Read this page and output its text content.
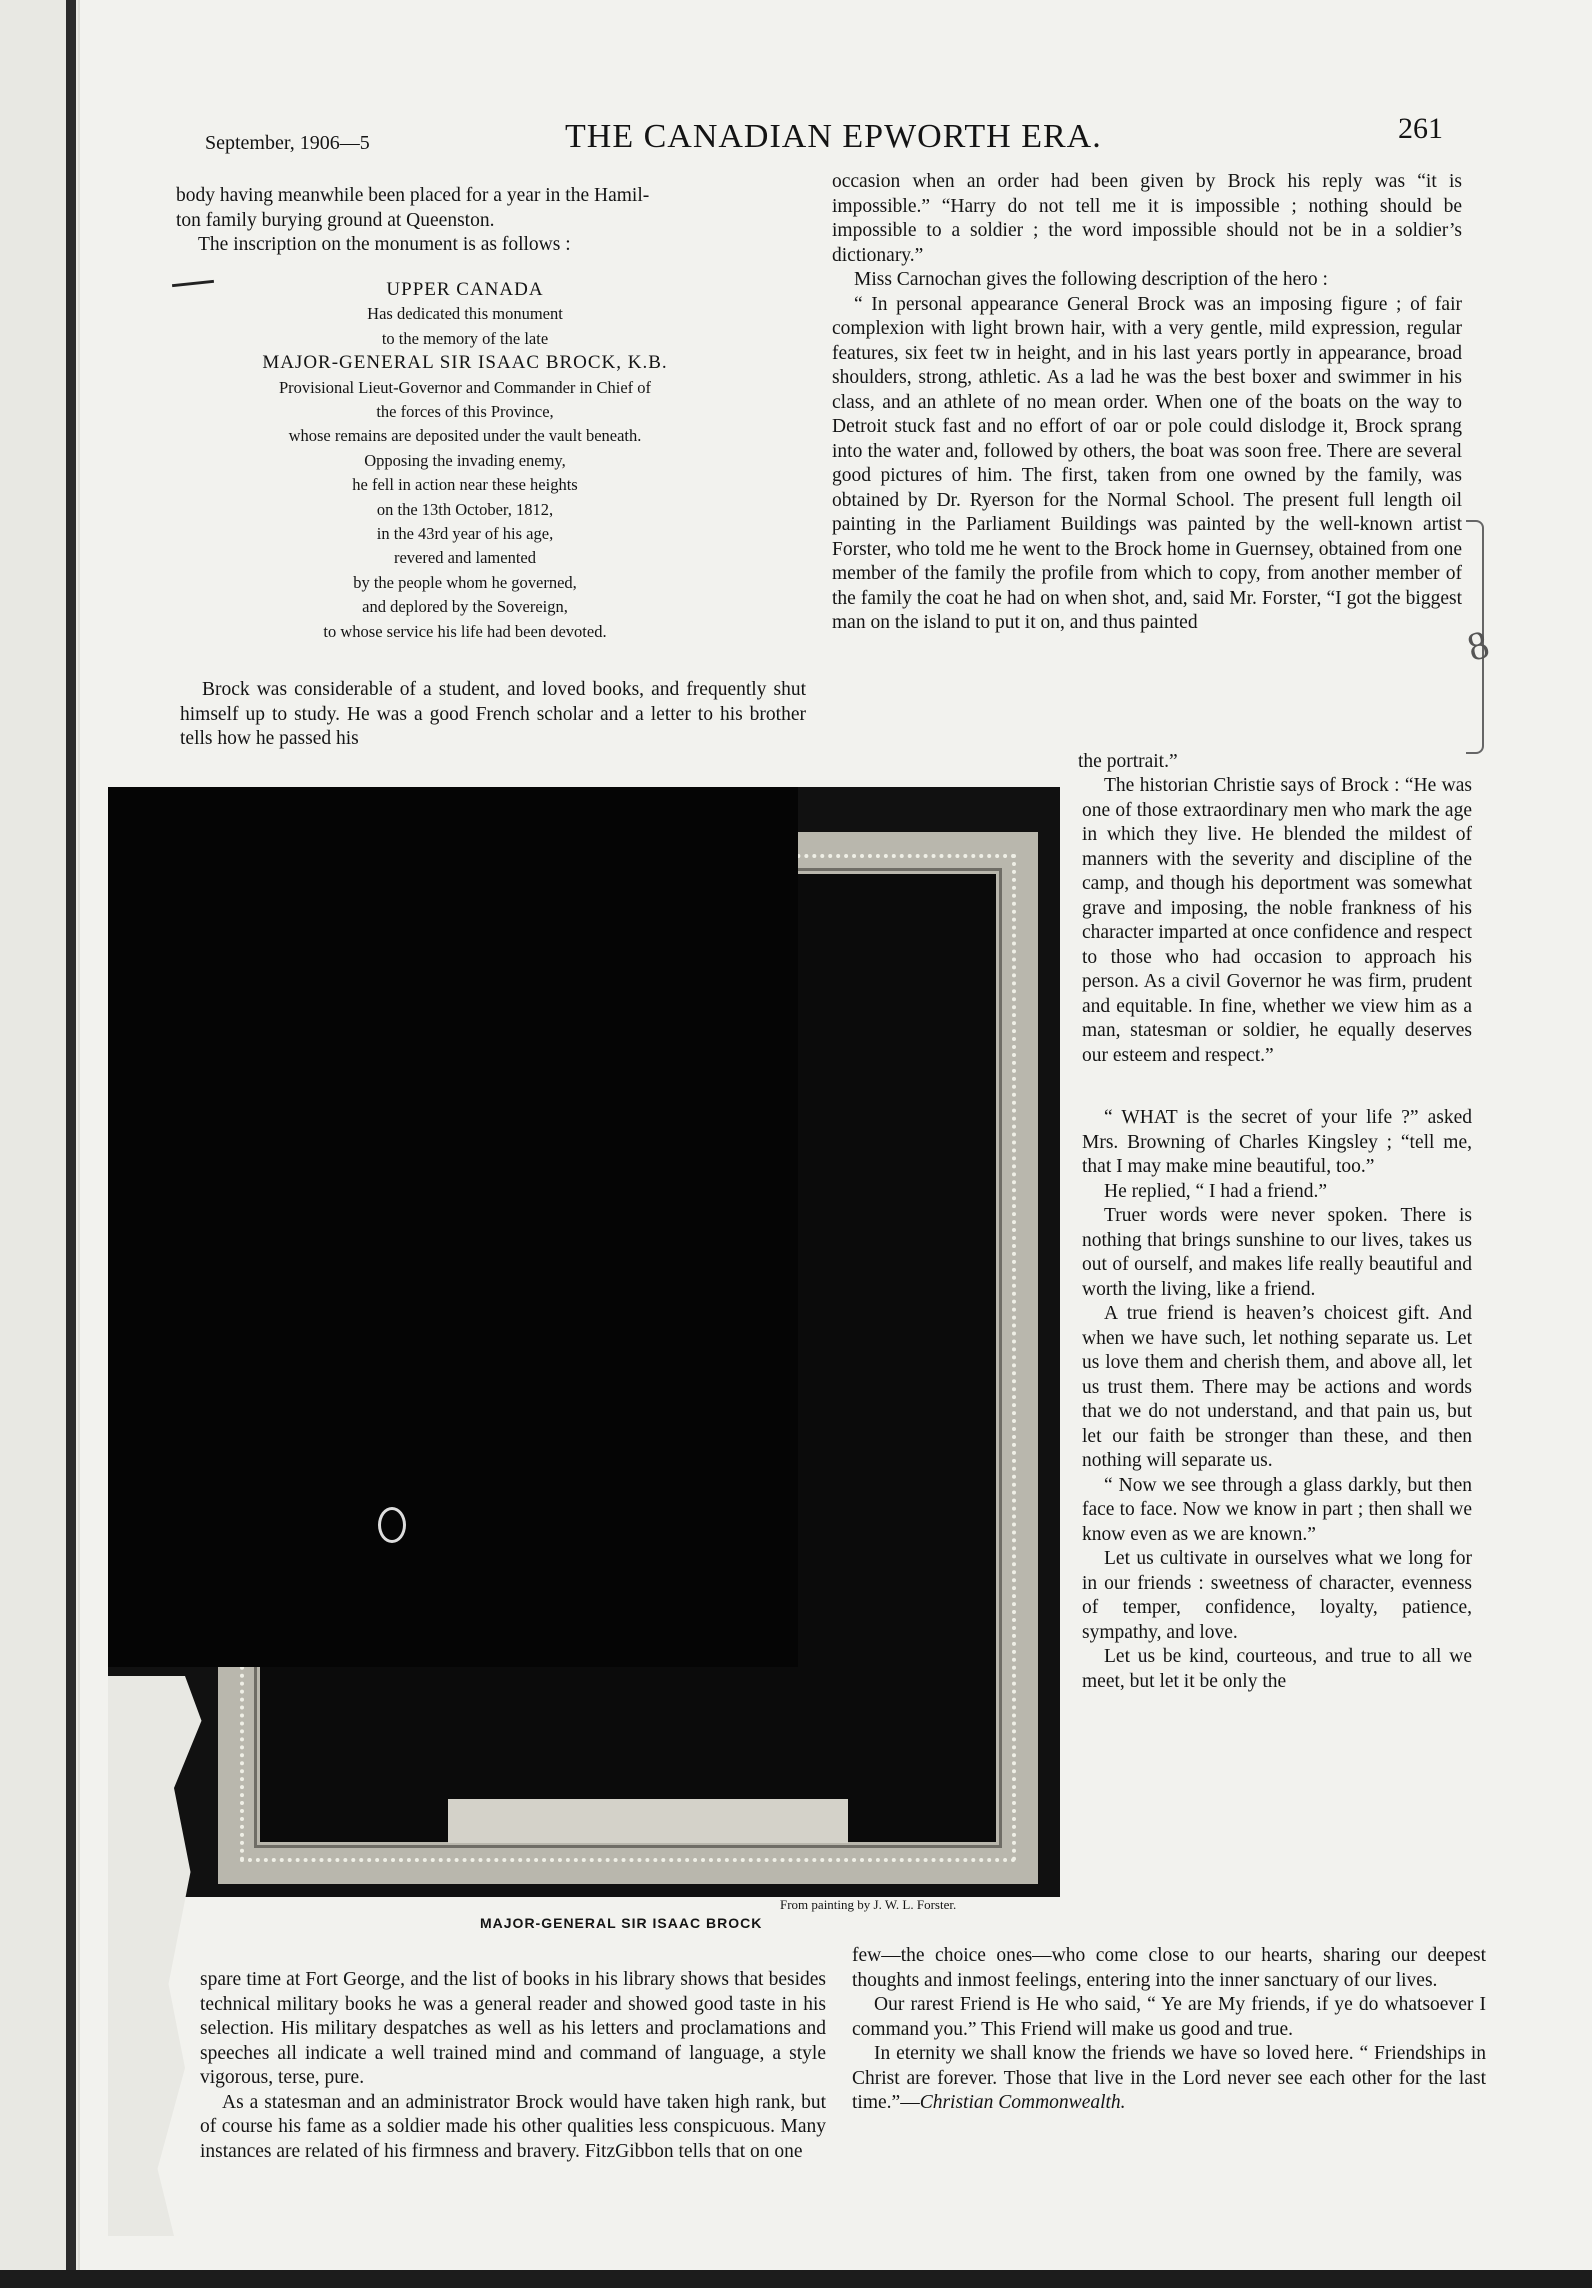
September, 1906—5	THE CANADIAN EPWORTH ERA.	261

body having meanwhile been placed for a year in the Hamil-

ton family burying ground at Queenston.

The inscription on the monument is as follows :

UPPER CANADA
Has dedicated this monument
to the memory of the late
MAJOR-GENERAL SIR ISAAC BROCK, K.B.
Provisional Lieut-Governor and Commander in Chief of
the forces of this Province,
whose remains are deposited under the vault beneath.
Opposing the invading enemy,
he fell in action near these heights
on the 13th October, 1812,
in the 43rd year of his age,
revered and lamented
by the people whom he governed,
and deplored by the Sovereign,
to whose service his life had been devoted.

Brock was considerable of a student, and loved books, and frequently shut himself up to study. He was a good French scholar and a letter to his brother tells how he passed his

occasion when an order had been given by Brock his reply was “it is impossible.” “Harry do not tell me it is impossible ; nothing should be impossible to a soldier ; the word impossible should not be in a soldier’s dictionary.”

Miss Carnochan gives the following description of the hero :

“ In personal appearance General Brock was an imposing figure ; of fair complexion with light brown hair, with a very gentle, mild expression, regular features, six feet tw in height, and in his last years portly in appearance, broad shoulders, strong, athletic. As a lad he was the best boxer and swimmer in his class, and an athlete of no mean order. When one of the boats on the way to Detroit stuck fast and no effort of oar or pole could dislodge it, Brock sprang into the water and, followed by others, the boat was soon free. There are several good pictures of him. The first, taken from one owned by the family, was obtained by Dr. Ryerson for the Normal School. The present full length oil painting in the Parliament Buildings was painted by the well-known artist Forster, who told me he went to the Brock home in Guernsey, obtained from one member of the family the profile from which to copy, from another member of the family the coat he had on when shot, and, said Mr. Forster, “I got the biggest man on the island to put it on, and thus painted

the portrait.”

8

The historian Christie says of Brock : “He was one of those extraordinary men who mark the age in which they live. He blended the mildest of manners with the severity and discipline of the camp, and though his deportment was somewhat grave and imposing, the noble frankness of his character imparted at once confidence and respect to those who had occasion to approach his person. As a civil Governor he was firm, prudent and equitable. In fine, whether we view him as a man, statesman or soldier, he equally deserves our esteem and respect.”

“ WHAT is the secret of your life ?” asked Mrs. Browning of Charles Kingsley ; “tell me, that I may make mine beautiful, too.”

He replied, “ I had a friend.”

Truer words were never spoken. There is nothing that brings sunshine to our lives, takes us out of ourself, and makes life really beautiful and worth the living, like a friend.

A true friend is heaven’s choicest gift. And when we have such, let nothing separate us. Let us love them and cherish them, and above all, let us trust them. There may be actions and words that we do not understand, and that pain us, but let our faith be stronger than these, and then nothing will separate us.

“ Now we see through a glass darkly, but then face to face. Now we know in part ; then shall we know even as we are known.”

Let us cultivate in ourselves what we long for in our friends : sweetness of character, evenness of temper, confidence, loyalty, patience, sympathy, and love.

Let us be kind, courteous, and true to all we meet, but let it be only the

MAJOR-GENERAL SIR ISAAC BROCK
From painting by J. W. L. Forster.

spare time at Fort George, and the list of books in his library shows that besides technical military books he was a general reader and showed good taste in his selection. His military despatches as well as his letters and proclamations and speeches all indicate a well trained mind and command of language, a style vigorous, terse, pure.

As a statesman and an administrator Brock would have taken high rank, but of course his fame as a soldier made his other qualities less conspicuous. Many instances are related of his firmness and bravery. FitzGibbon tells that on one

few—the choice ones—who come close to our hearts, sharing our deepest thoughts and inmost feelings, entering into the inner sanctuary of our lives.

Our rarest Friend is He who said, “ Ye are My friends, if ye do whatsoever I command you.” This Friend will make us good and true.

In eternity we shall know the friends we have so loved here. “ Friendships in Christ are forever. Those that live in the Lord never see each other for the last time.”—Christian Commonwealth.
